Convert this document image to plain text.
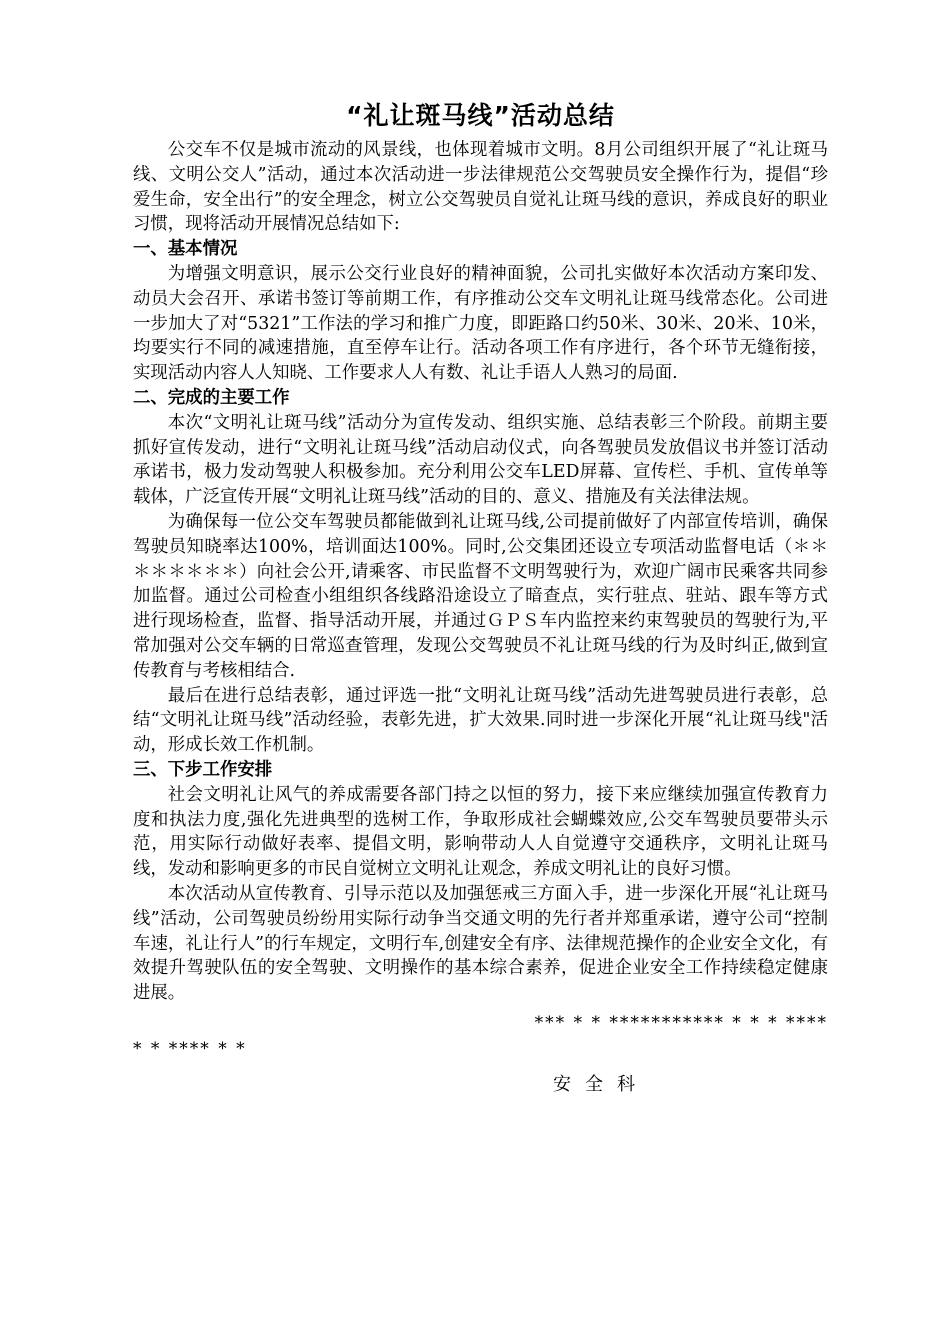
“礼让斑马线”活动总结

公交车不仅是城市流动的风景线，也体现着城市文明。8月公司组织开展了“礼让斑马线、文明公交人”活动，通过本次活动进一步法律规范公交驾驶员安全操作行为，提倡“珍爱生命，安全出行”的安全理念，树立公交驾驶员自觉礼让斑马线的意识，养成良好的职业习惯，现将活动开展情况总结如下:

一、基本情况

为增强文明意识，展示公交行业良好的精神面貌，公司扎实做好本次活动方案印发、动员大会召开、承诺书签订等前期工作，有序推动公交车文明礼让斑马线常态化。公司进一步加大了对“5321”工作法的学习和推广力度，即距路口约50米、30米、20米、10米，均要实行不同的减速措施，直至停车让行。活动各项工作有序进行，各个环节无缝衔接，实现活动内容人人知晓、工作要求人人有数、礼让手语人人熟习的局面.

二、完成的主要工作

本次“文明礼让斑马线”活动分为宣传发动、组织实施、总结表彰三个阶段。前期主要抓好宣传发动，进行“文明礼让斑马线”活动启动仪式，向各驾驶员发放倡议书并签订活动承诺书，极力发动驾驶人积极参加。充分利用公交车LED屏幕、宣传栏、手机、宣传单等载体，广泛宣传开展“文明礼让斑马线”活动的目的、意义、措施及有关法律法规。

为确保每一位公交车驾驶员都能做到礼让斑马线,公司提前做好了内部宣传培训，确保驾驶员知晓率达100%，培训面达100%。同时,公交集团还设立专项活动监督电话（＊＊ ＊＊＊＊＊＊）向社会公开,请乘客、市民监督不文明驾驶行为，欢迎广阔市民乘客共同参加监督。通过公司检查小组组织各线路沿途设立了暗查点，实行驻点、驻站、跟车等方式进行现场检查，监督、指导活动开展，并通过ＧＰＳ车内监控来约束驾驶员的驾驶行为,平常加强对公交车辆的日常巡查管理，发现公交驾驶员不礼让斑马线的行为及时纠正,做到宣传教育与考核相结合.

最后在进行总结表彰，通过评选一批“文明礼让斑马线”活动先进驾驶员进行表彰，总结“文明礼让斑马线”活动经验，表彰先进，扩大效果.同时进一步深化开展“礼让斑马线"活动，形成长效工作机制。

三、下步工作安排

社会文明礼让风气的养成需要各部门持之以恒的努力，接下来应继续加强宣传教育力度和执法力度,强化先进典型的选树工作，争取形成社会蝴蝶效应,公交车驾驶员要带头示范，用实际行动做好表率、提倡文明，影响带动人人自觉遵守交通秩序，文明礼让斑马线，发动和影响更多的市民自觉树立文明礼让观念，养成文明礼让的良好习惯。

本次活动从宣传教育、引导示范以及加强惩戒三方面入手，进一步深化开展“礼让斑马线”活动，公司驾驶员纷纷用实际行动争当交通文明的先行者并郑重承诺，遵守公司“控制车速，礼让行人”的行车规定，文明行车,创建安全有序、法律规范操作的企业安全文化，有效提升驾驶队伍的安全驾驶、文明操作的基本综合素养，促进企业安全工作持续稳定健康进展。

*** * * *********** * * * ****

* * **** * *

安全科
